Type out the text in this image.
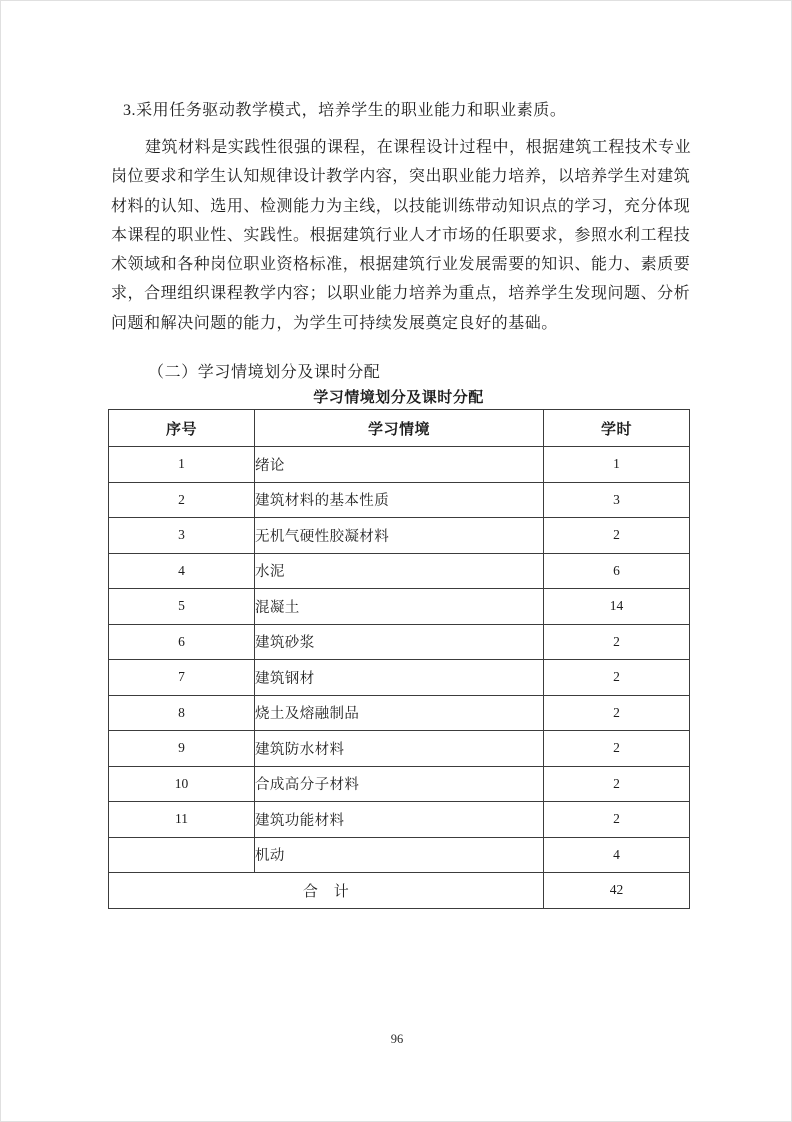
3.采用任务驱动教学模式，培养学生的职业能力和职业素质。
建筑材料是实践性很强的课程，在课程设计过程中，根据建筑工程技术专业
岗位要求和学生认知规律设计教学内容，突出职业能力培养，以培养学生对建筑
材料的认知、选用、检测能力为主线，以技能训练带动知识点的学习，充分体现
本课程的职业性、实践性。根据建筑行业人才市场的任职要求，参照水利工程技
术领域和各种岗位职业资格标准，根据建筑行业发展需要的知识、能力、素质要
求，合理组织课程教学内容；以职业能力培养为重点，培养学生发现问题、分析
问题和解决问题的能力，为学生可持续发展奠定良好的基础。
（二）学习情境划分及课时分配
学习情境划分及课时分配
序号	学习情境	学时
1	绪论	1
2	建筑材料的基本性质	3
3	无机气硬性胶凝材料	2
4	水泥	6
5	混凝土	14
6	建筑砂浆	2
7	建筑钢材	2
8	烧土及熔融制品	2
9	建筑防水材料	2
10	合成高分子材料	2
11	建筑功能材料	2
	机动	4
合　计		42
96
